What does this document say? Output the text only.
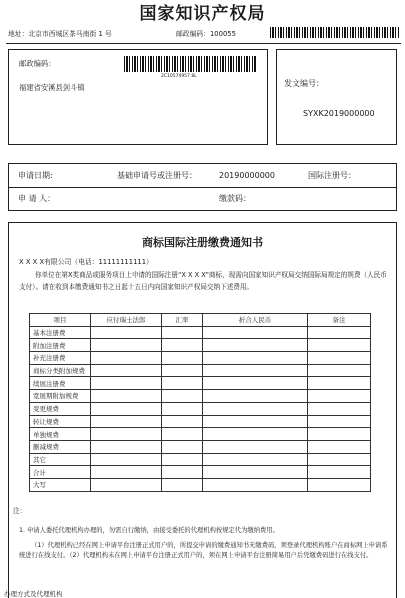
国家知识产权局
地址：北京市西城区茶马南街 1 号	邮政编码：100055
邮政编码：
2C10574957 8L
福建省安溪县剑斗镇	发文编号：
SYXK2019000000
申请日期:	基础申请号或注册号：	20190000000	国际注册号：
申 请 人：	缴款码：
商标国际注册缴费通知书
X X X X有限公司（电话：11111111111）
你单位在第X类商品或服务项目上申请的国际注册“X X X X”商标，现需向国家知识产权局交纳国际局规定的规费（人民币支付）。请在收到本缴费通知书之日起十五日内向国家知识产权局交纳下述费用。
项目	应付瑞士法郎	汇率	折合人民币	备注
基本注册费				
附加注册费				
补充注册费				
商标分类附加规费				
续展注册费				
宽展期附加规费				
变更规费				
转让规费				
单独规费				
删减规费				
其它				
合计				
大写				
注：
1. 申请人委托代理机构办理的，勿需自行缴纳，由接受委托的代理机构按规定代为缴纳费用。
（1）代理机构已经在网上申请平台注册正式用户的，所提交申请的缴费通知书无缴费码，须登录代理机构账户在商标网上申请系统进行在线支付。（2）代理机构未在网上申请平台注册正式用户的，须在网上申请平台注册简易用户后凭缴费码进行在线支付。
办理方式及代理机构
